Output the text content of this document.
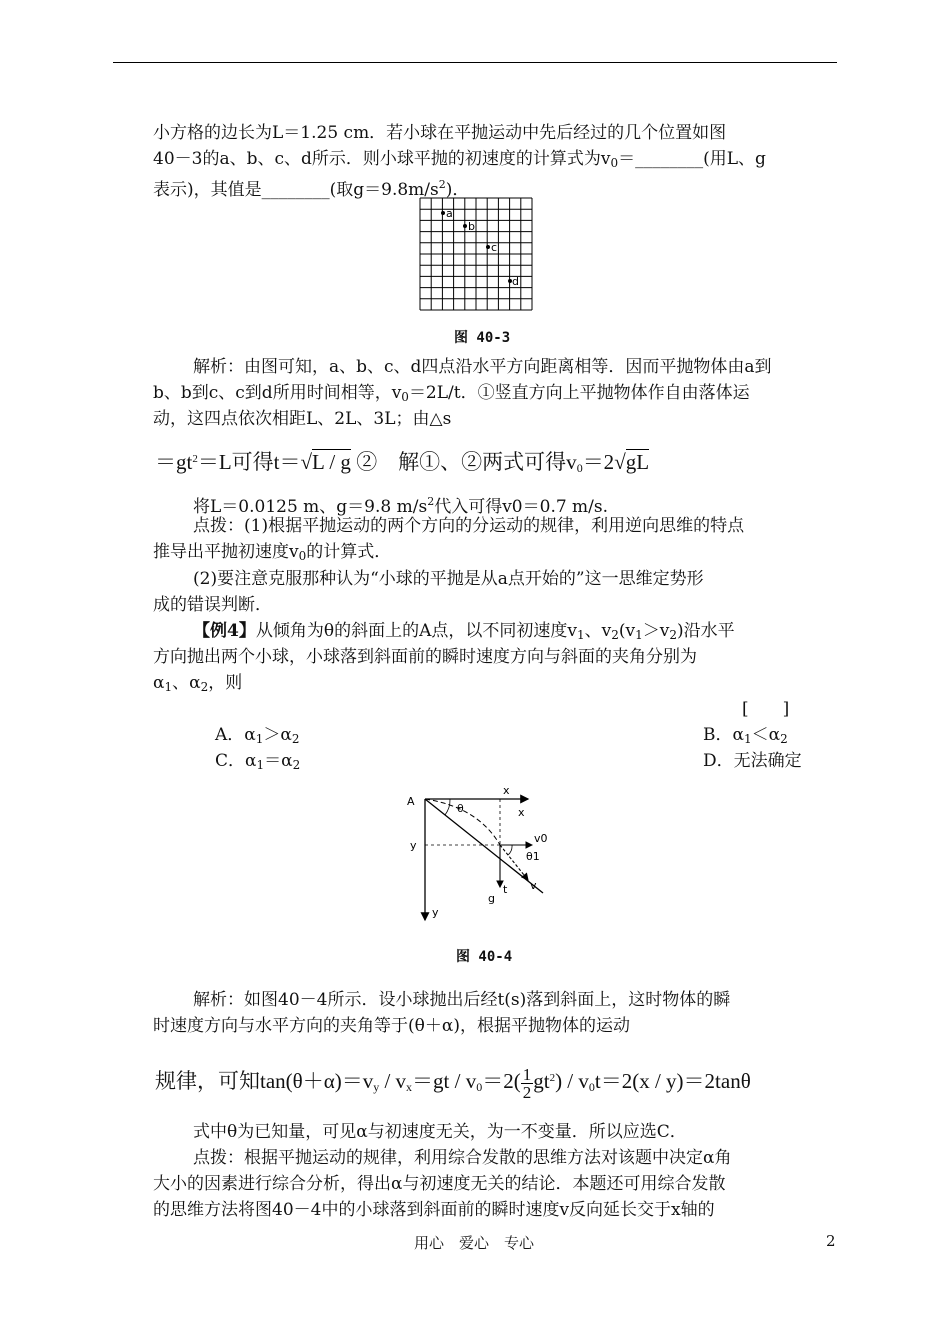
小方格的边长为L＝1.25 cm．若小球在平抛运动中先后经过的几个位置如图
40－3的a、b、c、d所示．则小球平抛的初速度的计算式为$v_0=\_\_\_\_\_\_\_\_$(用L、g
表示)，其值是________(取$g=9.8m/s^2$)．
a
b
c
d
图 40-3
解析：由图可知，a、b、c、d四点沿水平方向距离相等．因而平抛物体由a到
b、b到c、c到d所用时间相等，$v_0=2L/t$．①竖直方向上平抛物体作自由落体运
动，这四点依次相距L、2L、3L；由△s
$=gt^2=L$可得t＝√L / g ②　解①、②两式可得$v_0=2√gL$
将L＝0.0125 m、g＝9.8 $m/s^2$代入可得v0＝0.7 m/s.
点拨：(1)根据平抛运动的两个方向的分运动的规律，利用逆向思维的特点
推导出平抛初速度$v_0$的计算式．
(2)要注意克服那种认为“小球的平抛是从a点开始的”这一思维定势形
成的错误判断．
【例4】从倾角为θ的斜面上的A点，以不同初速度$v_1$、$v_2(v_1>v_2)$沿水平
方向抛出两个小球，小球落到斜面前的瞬时速度方向与斜面的夹角分别为
$\alpha_1$、$\alpha_2$，则
[　　]
A．$\alpha_1>\alpha_2$	B．$\alpha_1<\alpha_2$
C．$\alpha_1=\alpha_2$	D．无法确定
A
x
x
y
y
θ
v0
θ1
g
t v
图 40-4
解析：如图40－4所示．设小球抛出后经t(s)落到斜面上，这时物体的瞬
时速度方向与水平方向的夹角等于(θ＋α)，根据平抛物体的运动
规律，可知$\tan(\theta+\alpha)=v_y / v_x=gt / v_0=2( \frac{1}{2} gt^2) / v_0t=2(x / y)=2\tan\theta$
式中θ为已知量，可见α与初速度无关，为一不变量．所以应选C．
点拨：根据平抛运动的规律，利用综合发散的思维方法对该题中决定α角
大小的因素进行综合分析，得出α与初速度无关的结论．本题还可用综合发散
的思维方法将图40－4中的小球落到斜面前的瞬时速度v反向延长交于x轴的
用心　爱心　专心	2
